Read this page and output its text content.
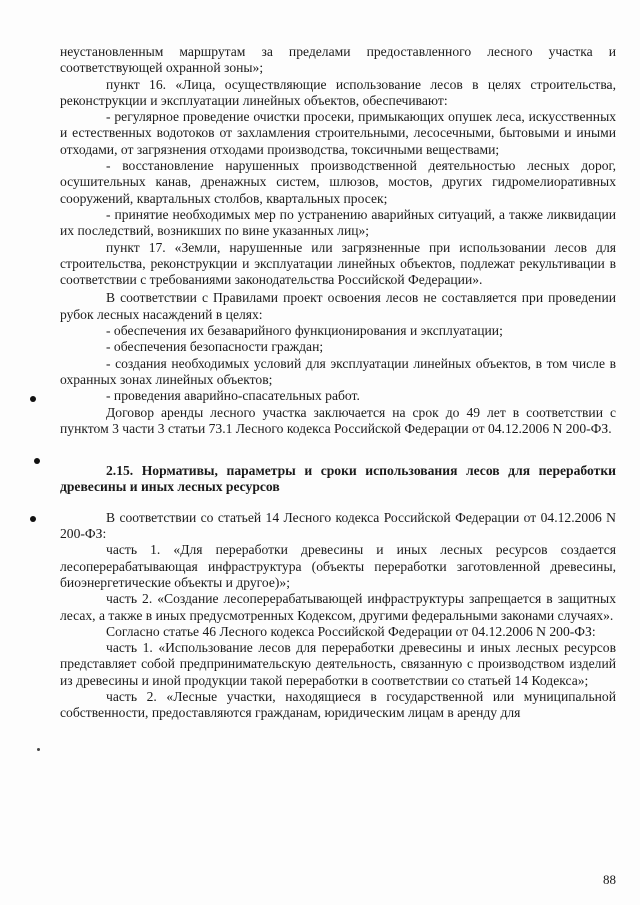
неустановленным маршрутам за пределами предоставленного лесного участка и соответствующей охранной зоны»;

пункт 16. «Лица, осуществляющие использование лесов в целях строительства, реконструкции и эксплуатации линейных объектов, обеспечивают:

- регулярное проведение очистки просеки, примыкающих опушек леса, искусственных и естественных водотоков от захламления строительными, лесосечными, бытовыми и иными отходами, от загрязнения отходами производства, токсичными веществами;

- восстановление нарушенных производственной деятельностью лесных дорог, осушительных канав, дренажных систем, шлюзов, мостов, других гидромелиоративных сооружений, квартальных столбов, квартальных просек;

- принятие необходимых мер по устранению аварийных ситуаций, а также ликвидации их последствий, возникших по вине указанных лиц»;

пункт 17. «Земли, нарушенные или загрязненные при использовании лесов для строительства, реконструкции и эксплуатации линейных объектов, подлежат рекультивации в соответствии с требованиями законодательства Российской Федерации».

В соответствии с Правилами проект освоения лесов не составляется при проведении рубок лесных насаждений в целях:

- обеспечения их безаварийного функционирования и эксплуатации;

- обеспечения безопасности граждан;

- создания необходимых условий для эксплуатации линейных объектов, в том числе в охранных зонах линейных объектов;

- проведения аварийно-спасательных работ.

Договор аренды лесного участка заключается на срок до 49 лет в соответствии с пунктом 3 части 3 статьи 73.1 Лесного кодекса Российской Федерации от 04.12.2006 N 200-ФЗ.

2.15. Нормативы, параметры и сроки использования лесов для переработки древесины и иных лесных ресурсов

В соответствии со статьей 14 Лесного кодекса Российской Федерации от 04.12.2006 N 200-ФЗ:

часть 1. «Для переработки древесины и иных лесных ресурсов создается лесоперерабатывающая инфраструктура (объекты переработки заготовленной древесины, биоэнергетические объекты и другое)»;

часть 2. «Создание лесоперерабатывающей инфраструктуры запрещается в защитных лесах, а также в иных предусмотренных Кодексом, другими федеральными законами случаях».

Согласно статье 46 Лесного кодекса Российской Федерации от 04.12.2006 N 200-ФЗ:

часть 1. «Использование лесов для переработки древесины и иных лесных ресурсов представляет собой предпринимательскую деятельность, связанную с производством изделий из древесины и иной продукции такой переработки в соответствии со статьей 14 Кодекса»;

часть 2. «Лесные участки, находящиеся в государственной или муниципальной собственности, предоставляются гражданам, юридическим лицам в аренду для

88
